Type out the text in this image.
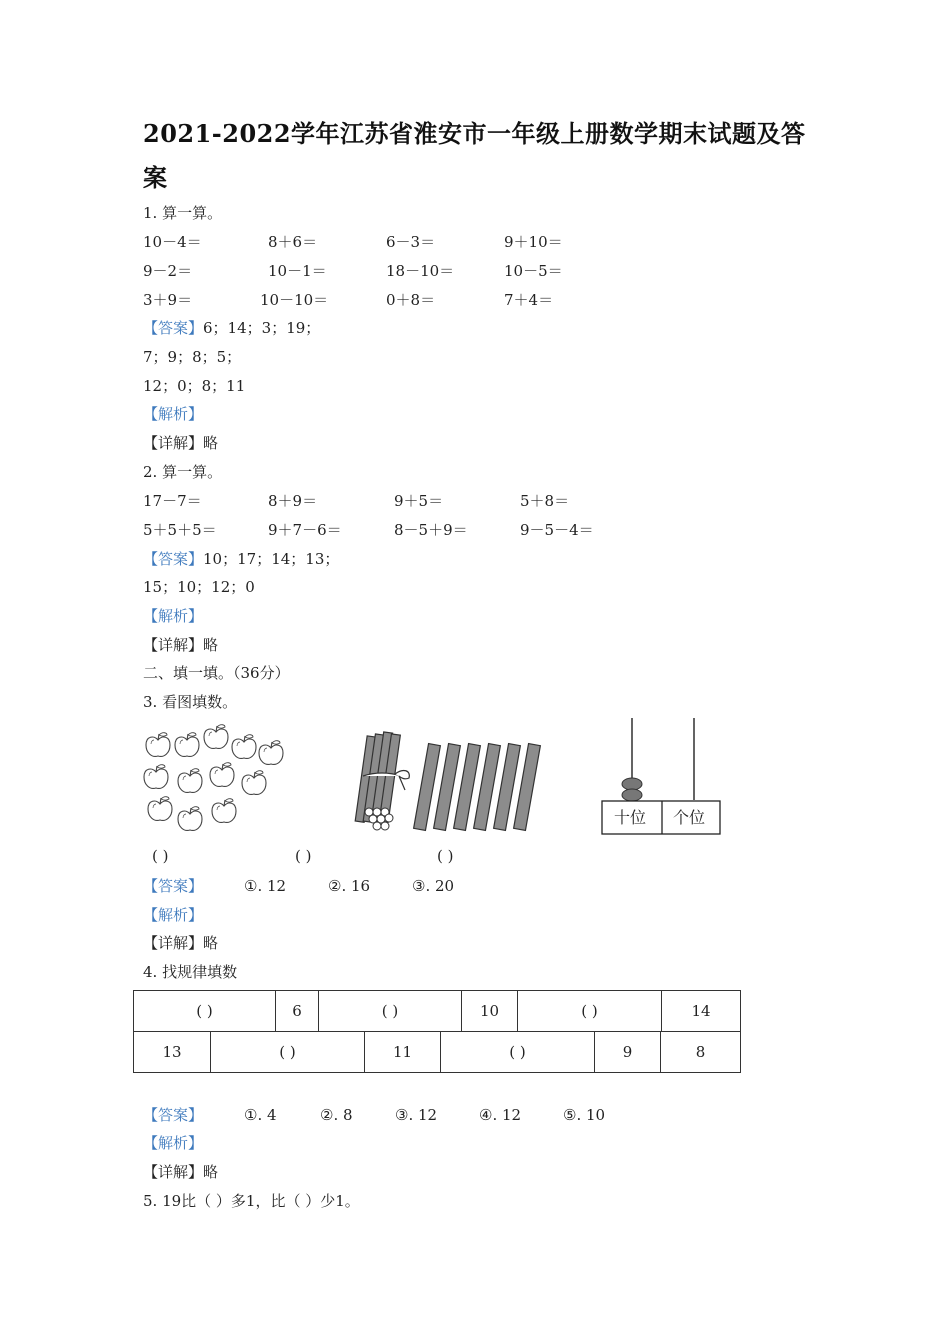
2021-2022学年江苏省淮安市一年级上册数学期末试题及答案
1. 算一算。
10－4＝	8＋6＝	6－3＝	9＋10＝
9－2＝	10－1＝	18－10＝	10－5＝
3＋9＝	10－10＝	0＋8＝	7＋4＝
【答案】6；14；3；19；
7；9；8；5；
12；0；8；11
【解析】
【详解】略
2. 算一算。
17－7＝	8＋9＝	9＋5＝	5＋8＝
5＋5＋5＝	9＋7－6＝	8－5＋9＝	9－5－4＝
【答案】10；17；14；13；
15；10；12；0
【解析】
【详解】略
二、填一填。（36分）
3. 看图填数。
十位 个位
( )	( )	( )
【答案】	①. 12	②. 16	③. 20
【解析】
【详解】略
4. 找规律填数
( )	6	( )	10	( )	14
13	( )	11	( )	9	8
【答案】	①. 4	②. 8	③. 12	④. 12	⑤. 10
【解析】
【详解】略
5. 19比（ ）多1，比（ ）少1。
